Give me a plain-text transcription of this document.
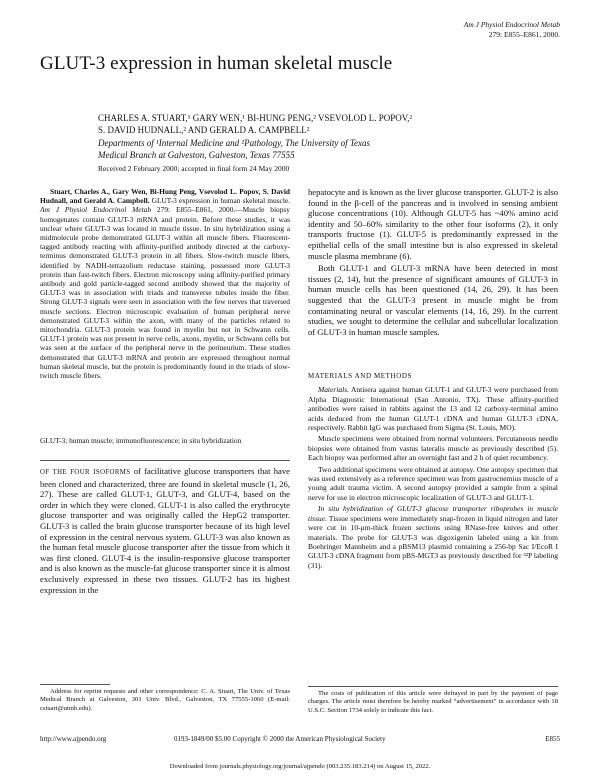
Am J Physiol Endocrinol Metab
279: E855–E861, 2000.
GLUT-3 expression in human skeletal muscle
CHARLES A. STUART,¹ GARY WEN,¹ BI-HUNG PENG,² VSEVOLOD L. POPOV,²
S. DAVID HUDNALL,² AND GERALD A. CAMPBELL²
Departments of ¹Internal Medicine and ²Pathology, The University of Texas
Medical Branch at Galveston, Galveston, Texas 77555
Received 2 February 2000; accepted in final form 24 May 2000

Stuart, Charles A., Gary Wen, Bi-Hung Peng, Vsevolod L. Popov, S. David Hudnall, and Gerald A. Campbell. GLUT-3 expression in human skeletal muscle. Am J Physiol Endocrinol Metab 279: E855–E861, 2000.—Muscle biopsy homogenates contain GLUT-3 mRNA and protein. Before these studies, it was unclear where GLUT-3 was located in muscle tissue. In situ hybridization using a midmolecule probe demonstrated GLUT-3 within all muscle fibers. Fluorescent-tagged antibody reacting with affinity-purified antibody directed at the carboxy-terminus demonstrated GLUT-3 protein in all fibers. Slow-twitch muscle fibers, identified by NADH-tetrazolium reductase staining, possessed more GLUT-3 protein than fast-twitch fibers. Electron microscopy using affinity-purified primary antibody and gold particle-tagged second antibody showed that the majority of GLUT-3 was in association with triads and transverse tubules inside the fiber. Strong GLUT-3 signals were seen in association with the few nerves that traversed muscle sections. Electron microscopic evaluation of human peripheral nerve demonstrated GLUT-3 within the axon, with many of the particles related to mitochondria. GLUT-3 protein was found in myelin but not in Schwann cells. GLUT-1 protein was not present in nerve cells, axons, myelin, or Schwann cells but was seen at the surface of the peripheral nerve in the perineurium. These studies demonstrated that GLUT-3 mRNA and protein are expressed throughout normal human skeletal muscle, but the protein is predominantly found in the triads of slow-twitch muscle fibers.

GLUT-3; human muscle; immunofluorescence; in situ hybridization

OF THE FOUR ISOFORMS of facilitative glucose transporters that have been cloned and characterized, three are found in skeletal muscle (1, 26, 27). These are called GLUT-1, GLUT-3, and GLUT-4, based on the order in which they were cloned. GLUT-1 is also called the erythrocyte glucose transporter and was originally called the HepG2 transporter. GLUT-3 is called the brain glucose transporter because of its high level of expression in the central nervous system. GLUT-3 was also known as the human fetal muscle glucose transporter after the tissue from which it was first cloned. GLUT-4 is the insulin-responsive glucose transporter and is also known as the muscle-fat glucose transporter since it is almost exclusively expressed in these two tissues. GLUT-2 has its highest expression in the

Address for reprint requests and other correspondence: C. A. Stuart, The Univ. of Texas Medical Branch at Galveston, 301 Univ. Blvd., Galveston, TX 77555-1060 (E-mail: cstuart@utmb.edu).

hepatocyte and is known as the liver glucose transporter. GLUT-2 is also found in the β-cell of the pancreas and is involved in sensing ambient glucose concentrations (10). Although GLUT-5 has ~40% amino acid identity and 50–60% similarity to the other four isoforms (2), it only transports fructose (1). GLUT-5 is predominantly expressed in the epithelial cells of the small intestine but is also expressed in skeletal muscle plasma membrane (6).

Both GLUT-1 and GLUT-3 mRNA have been detected in most tissues (2, 14), but the presence of significant amounts of GLUT-3 in human muscle cells has been questioned (14, 26, 29). It has been suggested that the GLUT-3 present in muscle might be from contaminating neural or vascular elements (14, 16, 29). In the current studies, we sought to determine the cellular and subcellular localization of GLUT-3 in human muscle samples.

MATERIALS AND METHODS

Materials. Antisera against human GLUT-1 and GLUT-3 were purchased from Alpha Diagnostic International (San Antonio, TX). These affinity-purified antibodies were raised in rabbits against the 13 and 12 carboxy-terminal amino acids deduced from the human GLUT-1 cDNA and human GLUT-3 cDNA, respectively. Rabbit IgG was purchased from Sigma (St. Louis, MO).

Muscle specimens were obtained from normal volunteers. Percutaneous needle biopsies were obtained from vastus lateralis muscle as previously described (5). Each biopsy was performed after an overnight fast and 2 h of quiet recumbency.

Two additional specimens were obtained at autopsy. One autopsy specimen that was used extensively as a reference specimen was from gastrocnemius muscle of a young adult trauma victim. A second autopsy provided a sample from a spinal nerve for use in electron microscopic localization of GLUT-3 and GLUT-1.

In situ hybridization of GLUT-3 glucose transporter riboprobes in muscle tissue. Tissue specimens were immediately snap-frozen in liquid nitrogen and later were cut in 10-μm-thick frozen sections using RNase-free knives and other materials. The probe for GLUT-3 was digoxigenin labeled using a kit from Boehringer Mannheim and a pBSM13 plasmid containing a 256-bp Sac I/EcoR I GLUT-3 cDNA fragment from pBS-MGT3 as previously described for ³²P labeling (31).

The costs of publication of this article were defrayed in part by the payment of page charges. The article must therefore be hereby marked “advertisement” in accordance with 18 U.S.C. Section 1734 solely to indicate this fact.

http://www.ajpendo.org	0193-1849/00 $5.00 Copyright © 2000 the American Physiological Society	E855
Downloaded from journals.physiology.org/journal/ajpendo (003.235.183.214) on August 15, 2022.
